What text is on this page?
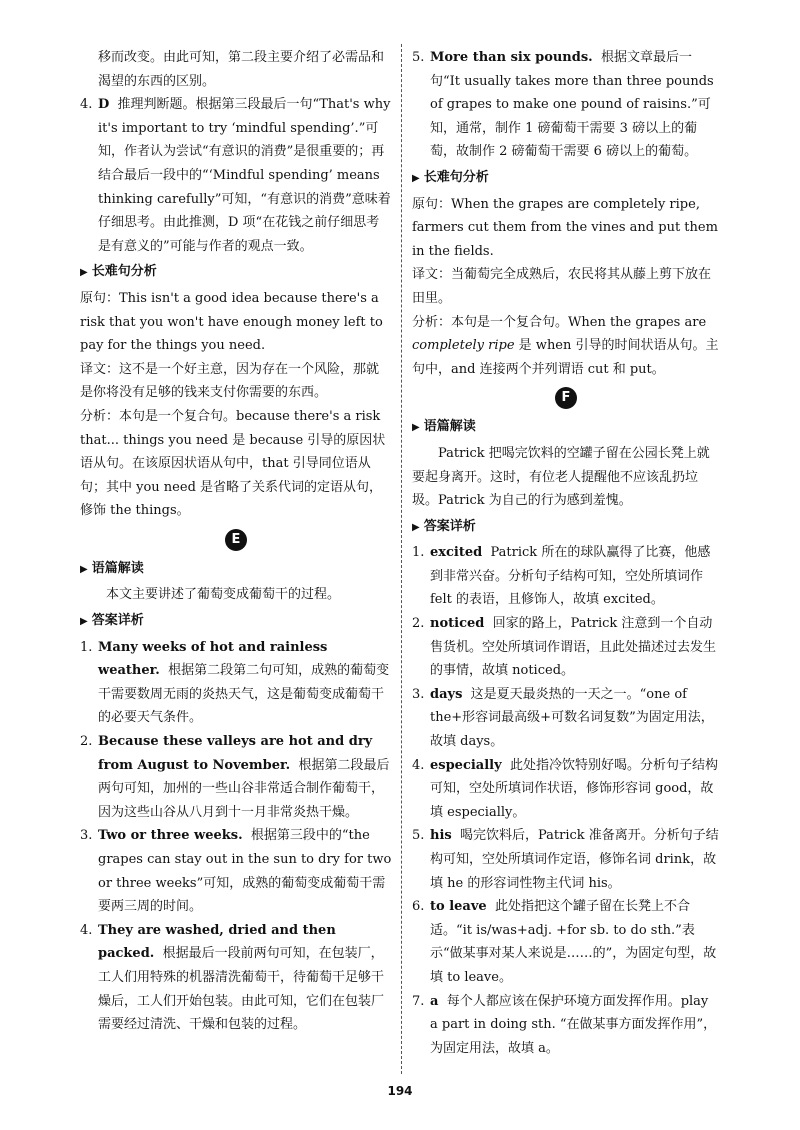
移而改变。由此可知，第二段主要介绍了必需品和渴望的东西的区别。

4. D 推理判断题。根据第三段最后一句“That's why it's important to try ‘mindful spending’.”可知，作者认为尝试“有意识的消费”是很重要的；再结合最后一段中的“‘Mindful spending’ means thinking carefully”可知，“有意识的消费”意味着仔细思考。由此推测，D 项“在花钱之前仔细思考是有意义的”可能与作者的观点一致。

▶ 长难句分析

原句：This isn't a good idea because there's a risk that you won't have enough money left to pay for the things you need.

译文：这不是一个好主意，因为存在一个风险，那就是你将没有足够的钱来支付你需要的东西。

分析：本句是一个复合句。because there's a risk that... things you need 是 because 引导的原因状语从句。在该原因状语从句中，that 引导同位语从句；其中 you need 是省略了关系代词的定语从句，修饰 the things。

E

▶ 语篇解读

本文主要讲述了葡萄变成葡萄干的过程。

▶ 答案详析

1. Many weeks of hot and rainless weather. 根据第二段第二句可知，成熟的葡萄变干需要数周无雨的炎热天气，这是葡萄变成葡萄干的必要天气条件。

2. Because these valleys are hot and dry from August to November. 根据第二段最后两句可知，加州的一些山谷非常适合制作葡萄干，因为这些山谷从八月到十一月非常炎热干燥。

3. Two or three weeks. 根据第三段中的“the grapes can stay out in the sun to dry for two or three weeks”可知，成熟的葡萄变成葡萄干需要两三周的时间。

4. They are washed, dried and then packed. 根据最后一段前两句可知，在包装厂，工人们用特殊的机器清洗葡萄干，待葡萄干足够干燥后，工人们开始包装。由此可知，它们在包装厂需要经过清洗、干燥和包装的过程。

5. More than six pounds. 根据文章最后一句“It usually takes more than three pounds of grapes to make one pound of raisins.”可知，通常，制作 1 磅葡萄干需要 3 磅以上的葡萄，故制作 2 磅葡萄干需要 6 磅以上的葡萄。

▶ 长难句分析

原句：When the grapes are completely ripe, farmers cut them from the vines and put them in the fields.

译文：当葡萄完全成熟后，农民将其从藤上剪下放在田里。

分析：本句是一个复合句。When the grapes are completely ripe 是 when 引导的时间状语从句。主句中，and 连接两个并列谓语 cut 和 put。

F

▶ 语篇解读

Patrick 把喝完饮料的空罐子留在公园长凳上就要起身离开。这时，有位老人提醒他不应该乱扔垃圾。Patrick 为自己的行为感到羞愧。

▶ 答案详析

1. excited Patrick 所在的球队赢得了比赛，他感到非常兴奋。分析句子结构可知，空处所填词作 felt 的表语，且修饰人，故填 excited。

2. noticed 回家的路上，Patrick 注意到一个自动售货机。空处所填词作谓语，且此处描述过去发生的事情，故填 noticed。

3. days 这是夏天最炎热的一天之一。“one of the+形容词最高级+可数名词复数”为固定用法，故填 days。

4. especially 此处指冷饮特别好喝。分析句子结构可知，空处所填词作状语，修饰形容词 good，故填 especially。

5. his 喝完饮料后，Patrick 准备离开。分析句子结构可知，空处所填词作定语，修饰名词 drink，故填 he 的形容词性物主代词 his。

6. to leave 此处指把这个罐子留在长凳上不合适。“it is/was+adj. +for sb. to do sth.”表示“做某事对某人来说是……的”，为固定句型，故填 to leave。

7. a 每个人都应该在保护环境方面发挥作用。play a part in doing sth. “在做某事方面发挥作用”，为固定用法，故填 a。

194
